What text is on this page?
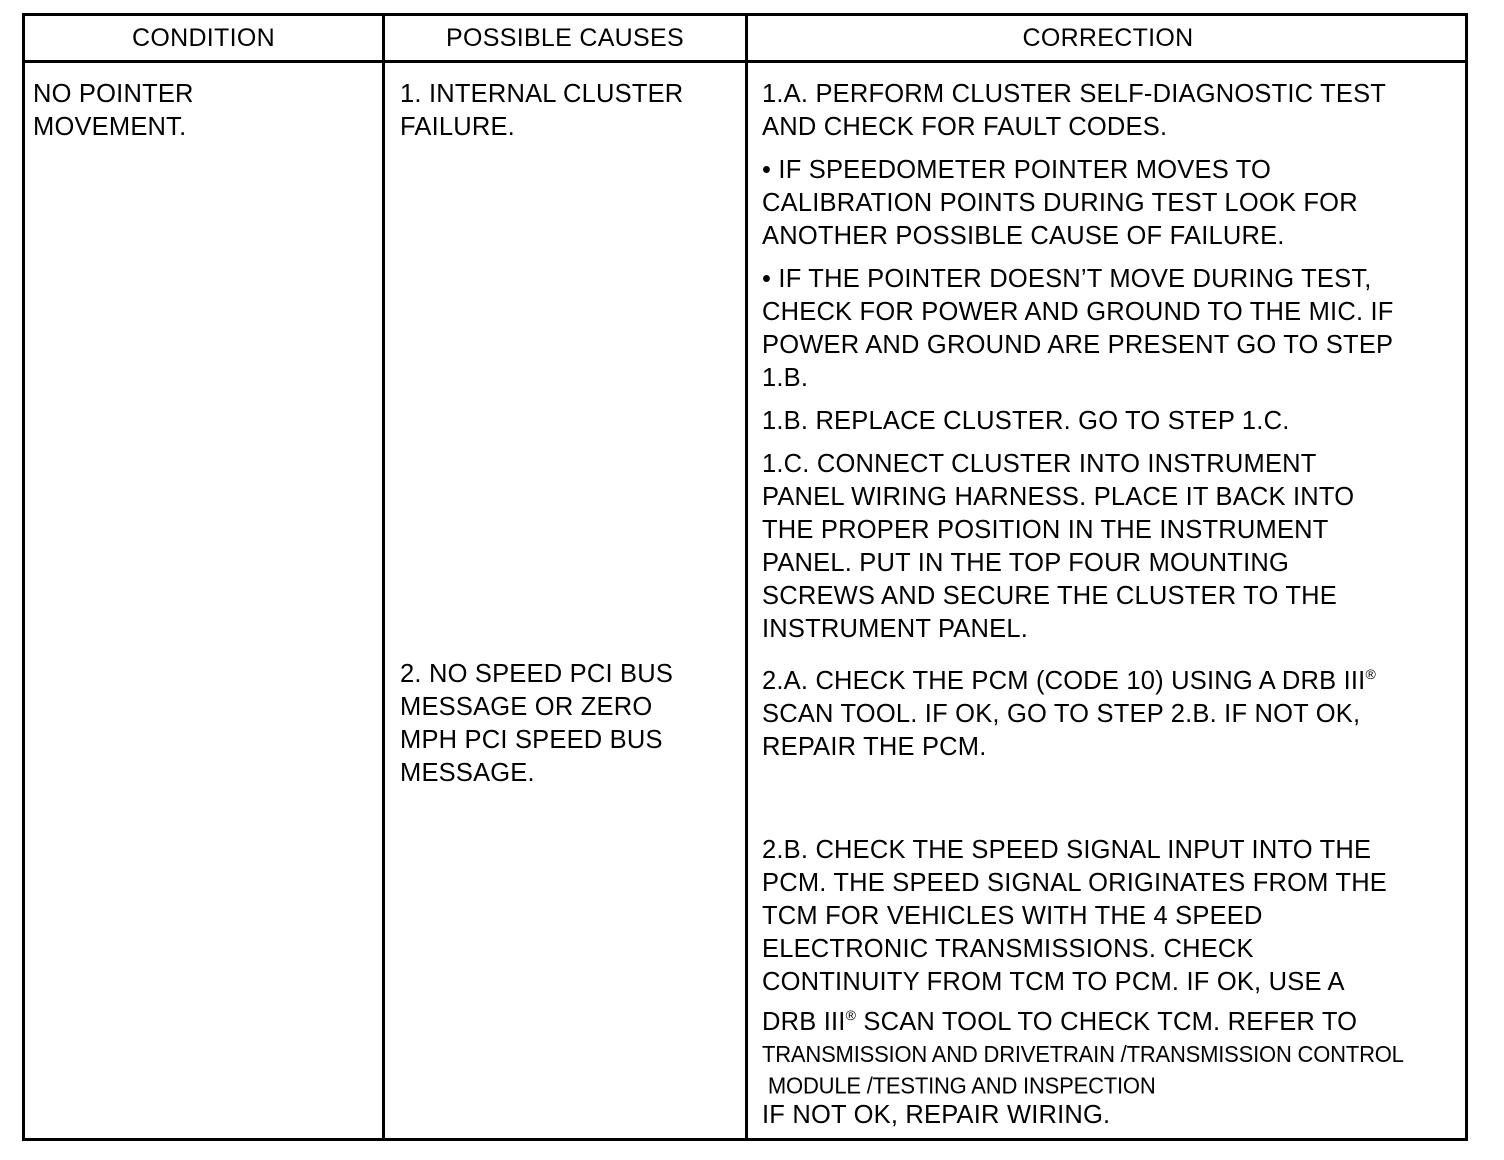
CONDITION	POSSIBLE CAUSES	CORRECTION
NO POINTER
MOVEMENT.
1. INTERNAL CLUSTER
FAILURE.
2. NO SPEED PCI BUS
MESSAGE OR ZERO
MPH PCI SPEED BUS
MESSAGE.
1.A. PERFORM CLUSTER SELF-DIAGNOSTIC TEST
AND CHECK FOR FAULT CODES.
• IF SPEEDOMETER POINTER MOVES TO
CALIBRATION POINTS DURING TEST LOOK FOR
ANOTHER POSSIBLE CAUSE OF FAILURE.
• IF THE POINTER DOESN’T MOVE DURING TEST,
CHECK FOR POWER AND GROUND TO THE MIC. IF
POWER AND GROUND ARE PRESENT GO TO STEP
1.B.
1.B. REPLACE CLUSTER. GO TO STEP 1.C.
1.C. CONNECT CLUSTER INTO INSTRUMENT
PANEL WIRING HARNESS. PLACE IT BACK INTO
THE PROPER POSITION IN THE INSTRUMENT
PANEL. PUT IN THE TOP FOUR MOUNTING
SCREWS AND SECURE THE CLUSTER TO THE
INSTRUMENT PANEL.
2.A. CHECK THE PCM (CODE 10) USING A DRB III®
SCAN TOOL. IF OK, GO TO STEP 2.B. IF NOT OK,
REPAIR THE PCM.
2.B. CHECK THE SPEED SIGNAL INPUT INTO THE
PCM. THE SPEED SIGNAL ORIGINATES FROM THE
TCM FOR VEHICLES WITH THE 4 SPEED
ELECTRONIC TRANSMISSIONS. CHECK
CONTINUITY FROM TCM TO PCM. IF OK, USE A
DRB III® SCAN TOOL TO CHECK TCM. REFER TO
TRANSMISSION AND DRIVETRAIN /TRANSMISSION CONTROL
MODULE /TESTING AND INSPECTION
IF NOT OK, REPAIR WIRING.
